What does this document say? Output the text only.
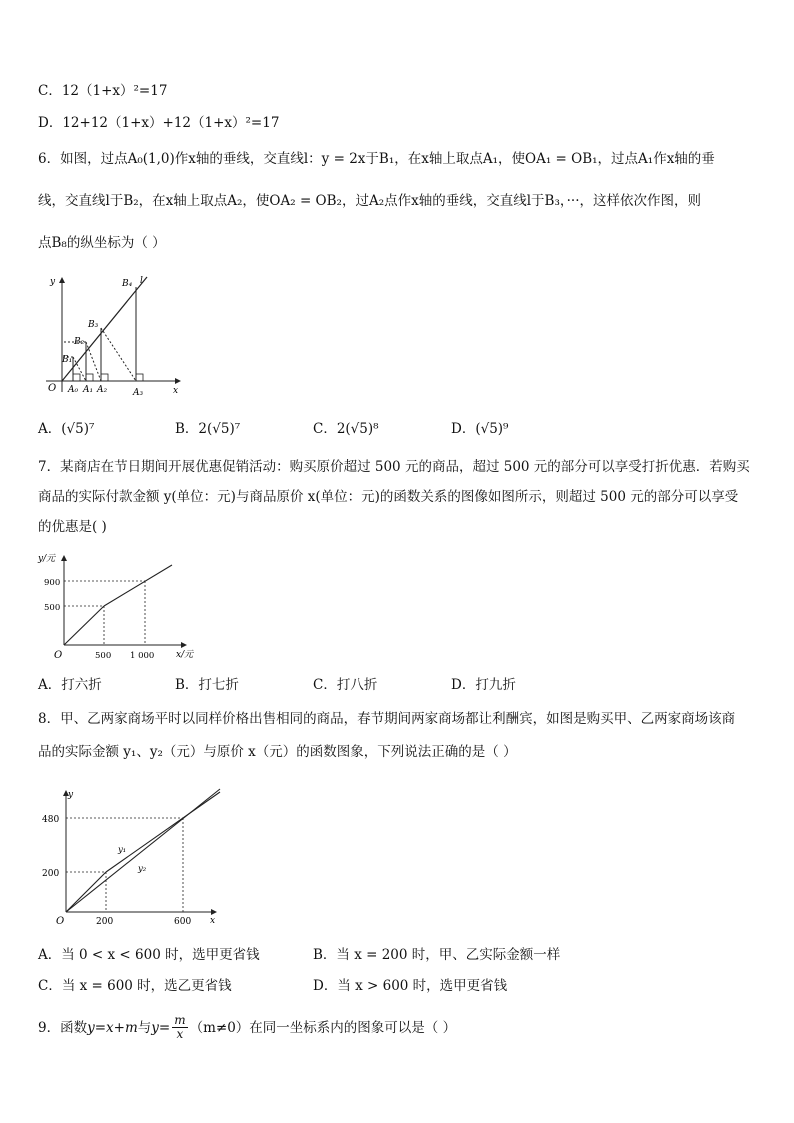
C．12（1+x）²=17
D．12+12（1+x）+12（1+x）²=17
6．如图，过点A₀(1,0)作x轴的垂线，交直线l：y = 2x于B₁，在x轴上取点A₁，使OA₁ = OB₁，过点A₁作x轴的垂
线，交直线l于B₂，在x轴上取点A₂，使OA₂ = OB₂，过A₂点作x轴的垂线，交直线l于B₃，···，这样依次作图，则
点B₈的纵坐标为（ ）
y
x
O
l
B₁
B₂
B₃
B₄
A₀ A₁ A₂	A₃
A．(√5)⁷	B．2(√5)⁷	C．2(√5)⁸	D．(√5)⁹
7．某商店在节日期间开展优惠促销活动：购买原价超过 500 元的商品，超过 500 元的部分可以享受打折优惠．若购买
商品的实际付款金额 y(单位：元)与商品原价 x(单位：元)的函数关系的图像如图所示，则超过 500 元的部分可以享受
的优惠是( )
y/元
x/元
O
900
500
500 1 000
A．打六折	B．打七折	C．打八折	D．打九折
8．甲、乙两家商场平时以同样价格出售相同的商品，春节期间两家商场都让利酬宾，如图是购买甲、乙两家商场该商
品的实际金额 y₁、y₂（元）与原价 x（元）的函数图象，下列说法正确的是（ ）
y
x
O
480
200
200	600
y₁
y₂
A．当 0 < x < 600 时，选甲更省钱	B．当 x = 200 时，甲、乙实际金额一样
C．当 x = 600 时，选乙更省钱	D．当 x > 600 时，选甲更省钱
9．函数 y=x+m 与 $y= \frac{m}{x} (m\ne 0)$在同一坐标系内的图象可以是（ ）
